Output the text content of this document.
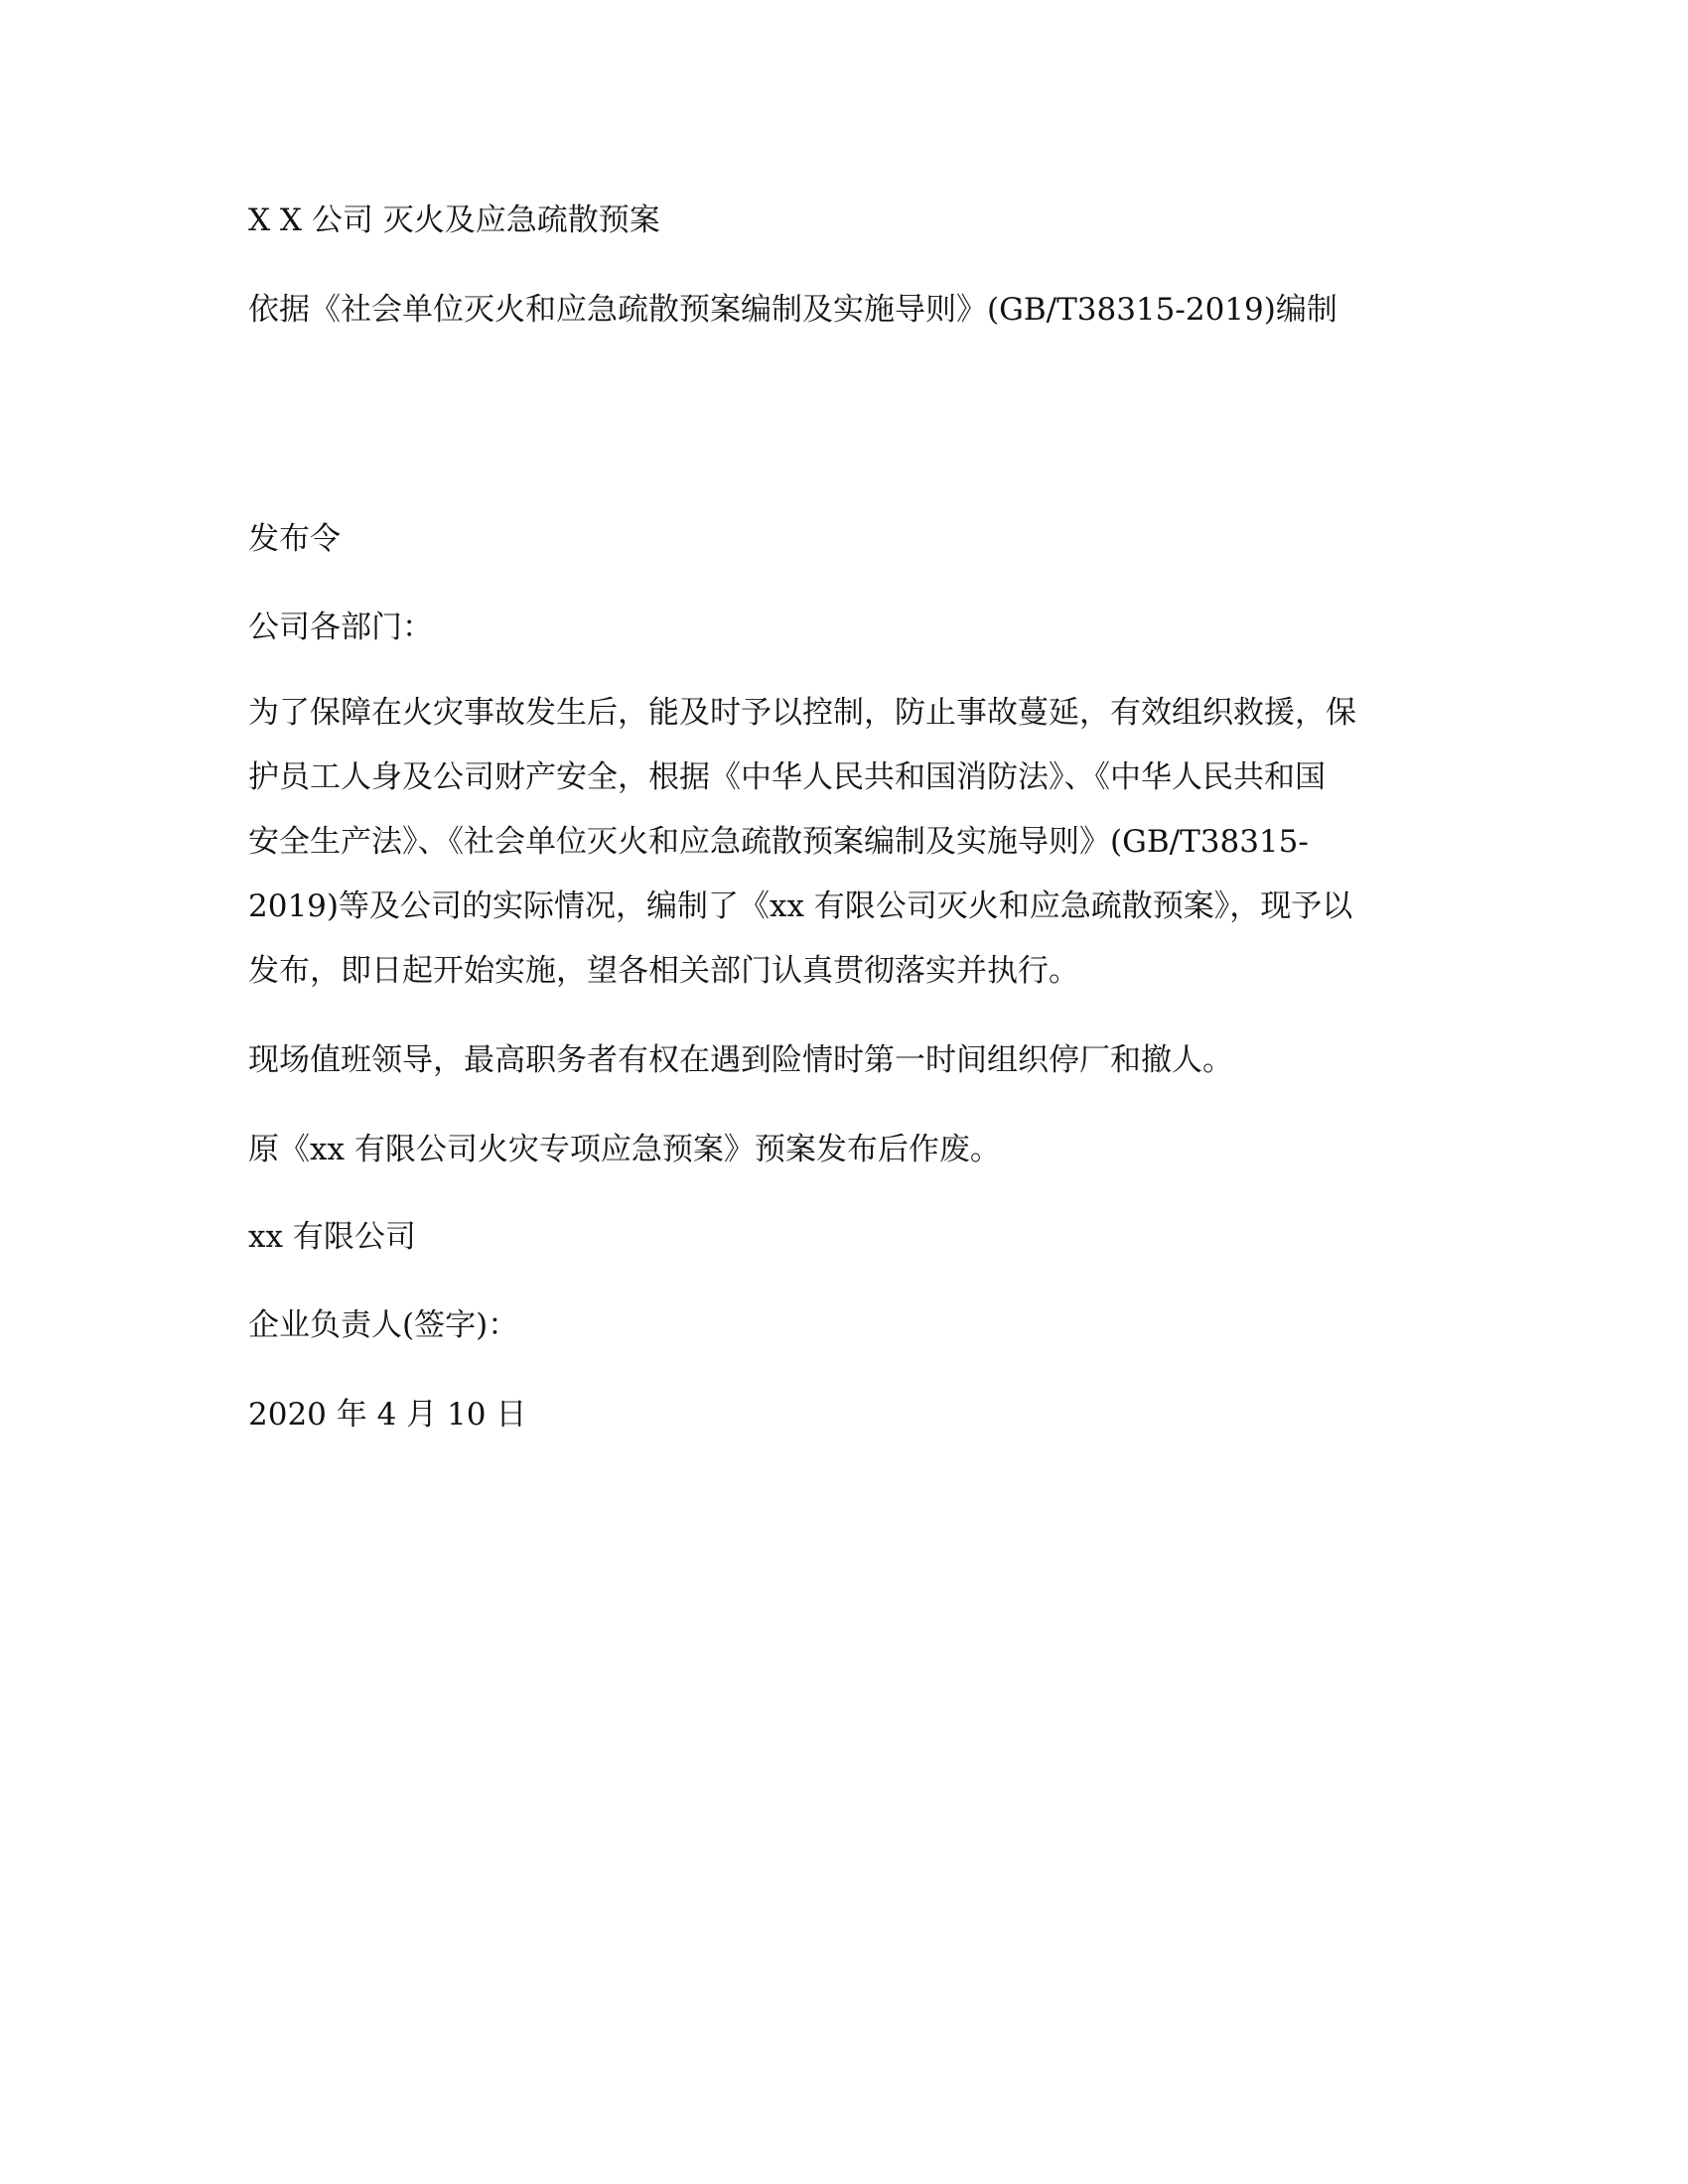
X X 公司 灭火及应急疏散预案

依据《社会单位灭火和应急疏散预案编制及实施导则》(GB/T38315-2019)编制

发布令

公司各部门：

为了保障在火灾事故发生后，能及时予以控制，防止事故蔓延，有效组织救援，保
护员工人身及公司财产安全，根据《中华人民共和国消防法》、《中华人民共和国
安全生产法》、《社会单位灭火和应急疏散预案编制及实施导则》(GB/T38315-
2019)等及公司的实际情况，编制了《xx 有限公司灭火和应急疏散预案》，现予以
发布，即日起开始实施，望各相关部门认真贯彻落实并执行。

现场值班领导，最高职务者有权在遇到险情时第一时间组织停厂和撤人。

原《xx 有限公司火灾专项应急预案》预案发布后作废。

xx 有限公司

企业负责人(签字)：

2020 年 4 月 10 日
